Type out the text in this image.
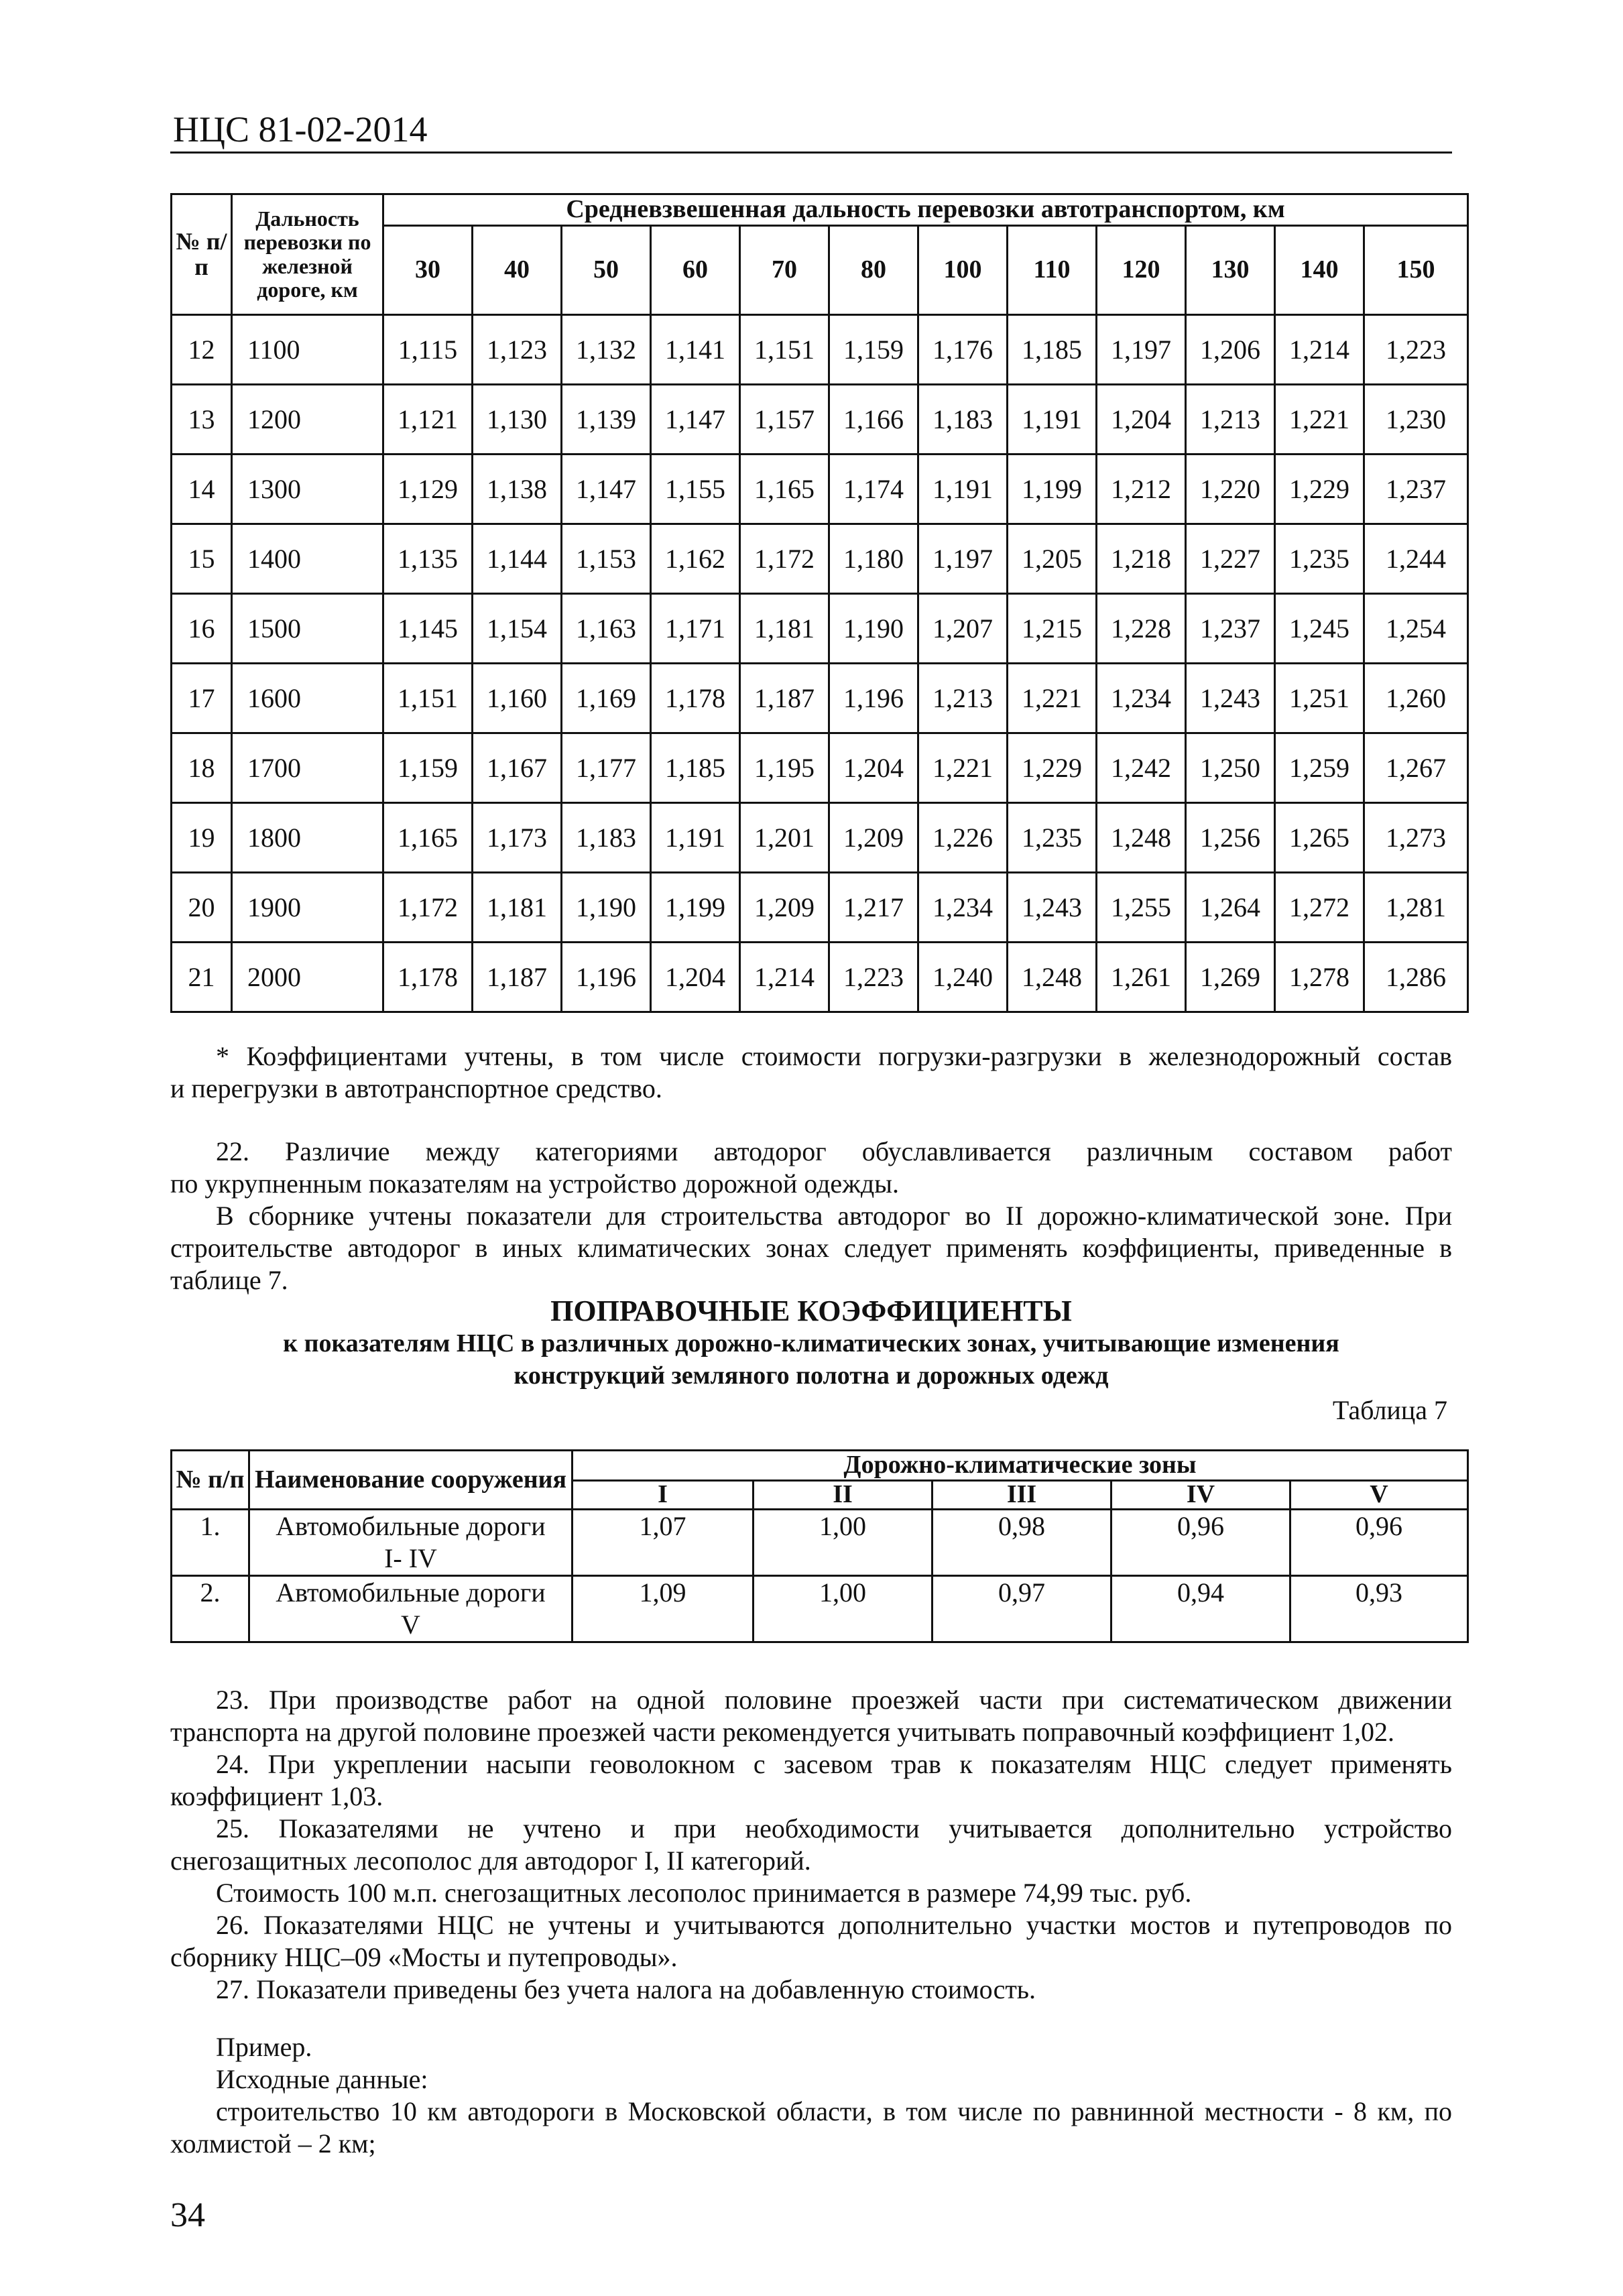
НЦС 81-02-2014
№ п/п	Дальность перевозки по железной дороге, км	Средневзвешенная дальность перевозки автотранспортом, км											
		30	40	50	60	70	80	100	110	120	130	140	150
12	1100	1,115	1,123	1,132	1,141	1,151	1,159	1,176	1,185	1,197	1,206	1,214	1,223
13	1200	1,121	1,130	1,139	1,147	1,157	1,166	1,183	1,191	1,204	1,213	1,221	1,230
14	1300	1,129	1,138	1,147	1,155	1,165	1,174	1,191	1,199	1,212	1,220	1,229	1,237
15	1400	1,135	1,144	1,153	1,162	1,172	1,180	1,197	1,205	1,218	1,227	1,235	1,244
16	1500	1,145	1,154	1,163	1,171	1,181	1,190	1,207	1,215	1,228	1,237	1,245	1,254
17	1600	1,151	1,160	1,169	1,178	1,187	1,196	1,213	1,221	1,234	1,243	1,251	1,260
18	1700	1,159	1,167	1,177	1,185	1,195	1,204	1,221	1,229	1,242	1,250	1,259	1,267
19	1800	1,165	1,173	1,183	1,191	1,201	1,209	1,226	1,235	1,248	1,256	1,265	1,273
20	1900	1,172	1,181	1,190	1,199	1,209	1,217	1,234	1,243	1,255	1,264	1,272	1,281
21	2000	1,178	1,187	1,196	1,204	1,214	1,223	1,240	1,248	1,261	1,269	1,278	1,286
* Коэффициентами учтены, в том числе стоимости погрузки-разгрузки в железнодорожный состав
и перегрузки в автотранспортное средство.
22. Различие между категориями автодорог обуславливается различным составом работ
по укрупненным показателям на устройство дорожной одежды.
В сборнике учтены показатели для строительства автодорог во II дорожно-климатической зоне. При
строительстве автодорог в иных климатических зонах следует применять коэффициенты, приведенные в
таблице 7.
ПОПРАВОЧНЫЕ КОЭФФИЦИЕНТЫ
к показателям НЦС в различных дорожно-климатических зонах, учитывающие изменения
конструкций земляного полотна и дорожных одежд
Таблица 7
№ п/п	Наименование сооружения	Дорожно-климатические зоны				
		I	II	III	IV	V
1.	Автомобильные дороги
I- IV	1,07	1,00	0,98	0,96	0,96
2.	Автомобильные дороги
V	1,09	1,00	0,97	0,94	0,93
23. При производстве работ на одной половине проезжей части при систематическом движении
транспорта на другой половине проезжей части рекомендуется учитывать поправочный коэффициент 1,02.
24. При укреплении насыпи геоволокном с засевом трав к показателям НЦС следует применять
коэффициент 1,03.
25. Показателями не учтено и при необходимости учитывается дополнительно устройство
снегозащитных лесополос для автодорог I, II категорий.
Стоимость 100 м.п. снегозащитных лесополос принимается в размере 74,99 тыс. руб.
26. Показателями НЦС не учтены и учитываются дополнительно участки мостов и путепроводов по
сборнику НЦС–09 «Мосты и путепроводы».
27. Показатели приведены без учета налога на добавленную стоимость.
Пример.
Исходные данные:
строительство 10 км автодороги в Московской области, в том числе по равнинной местности - 8 км, по
холмистой – 2 км;
34
